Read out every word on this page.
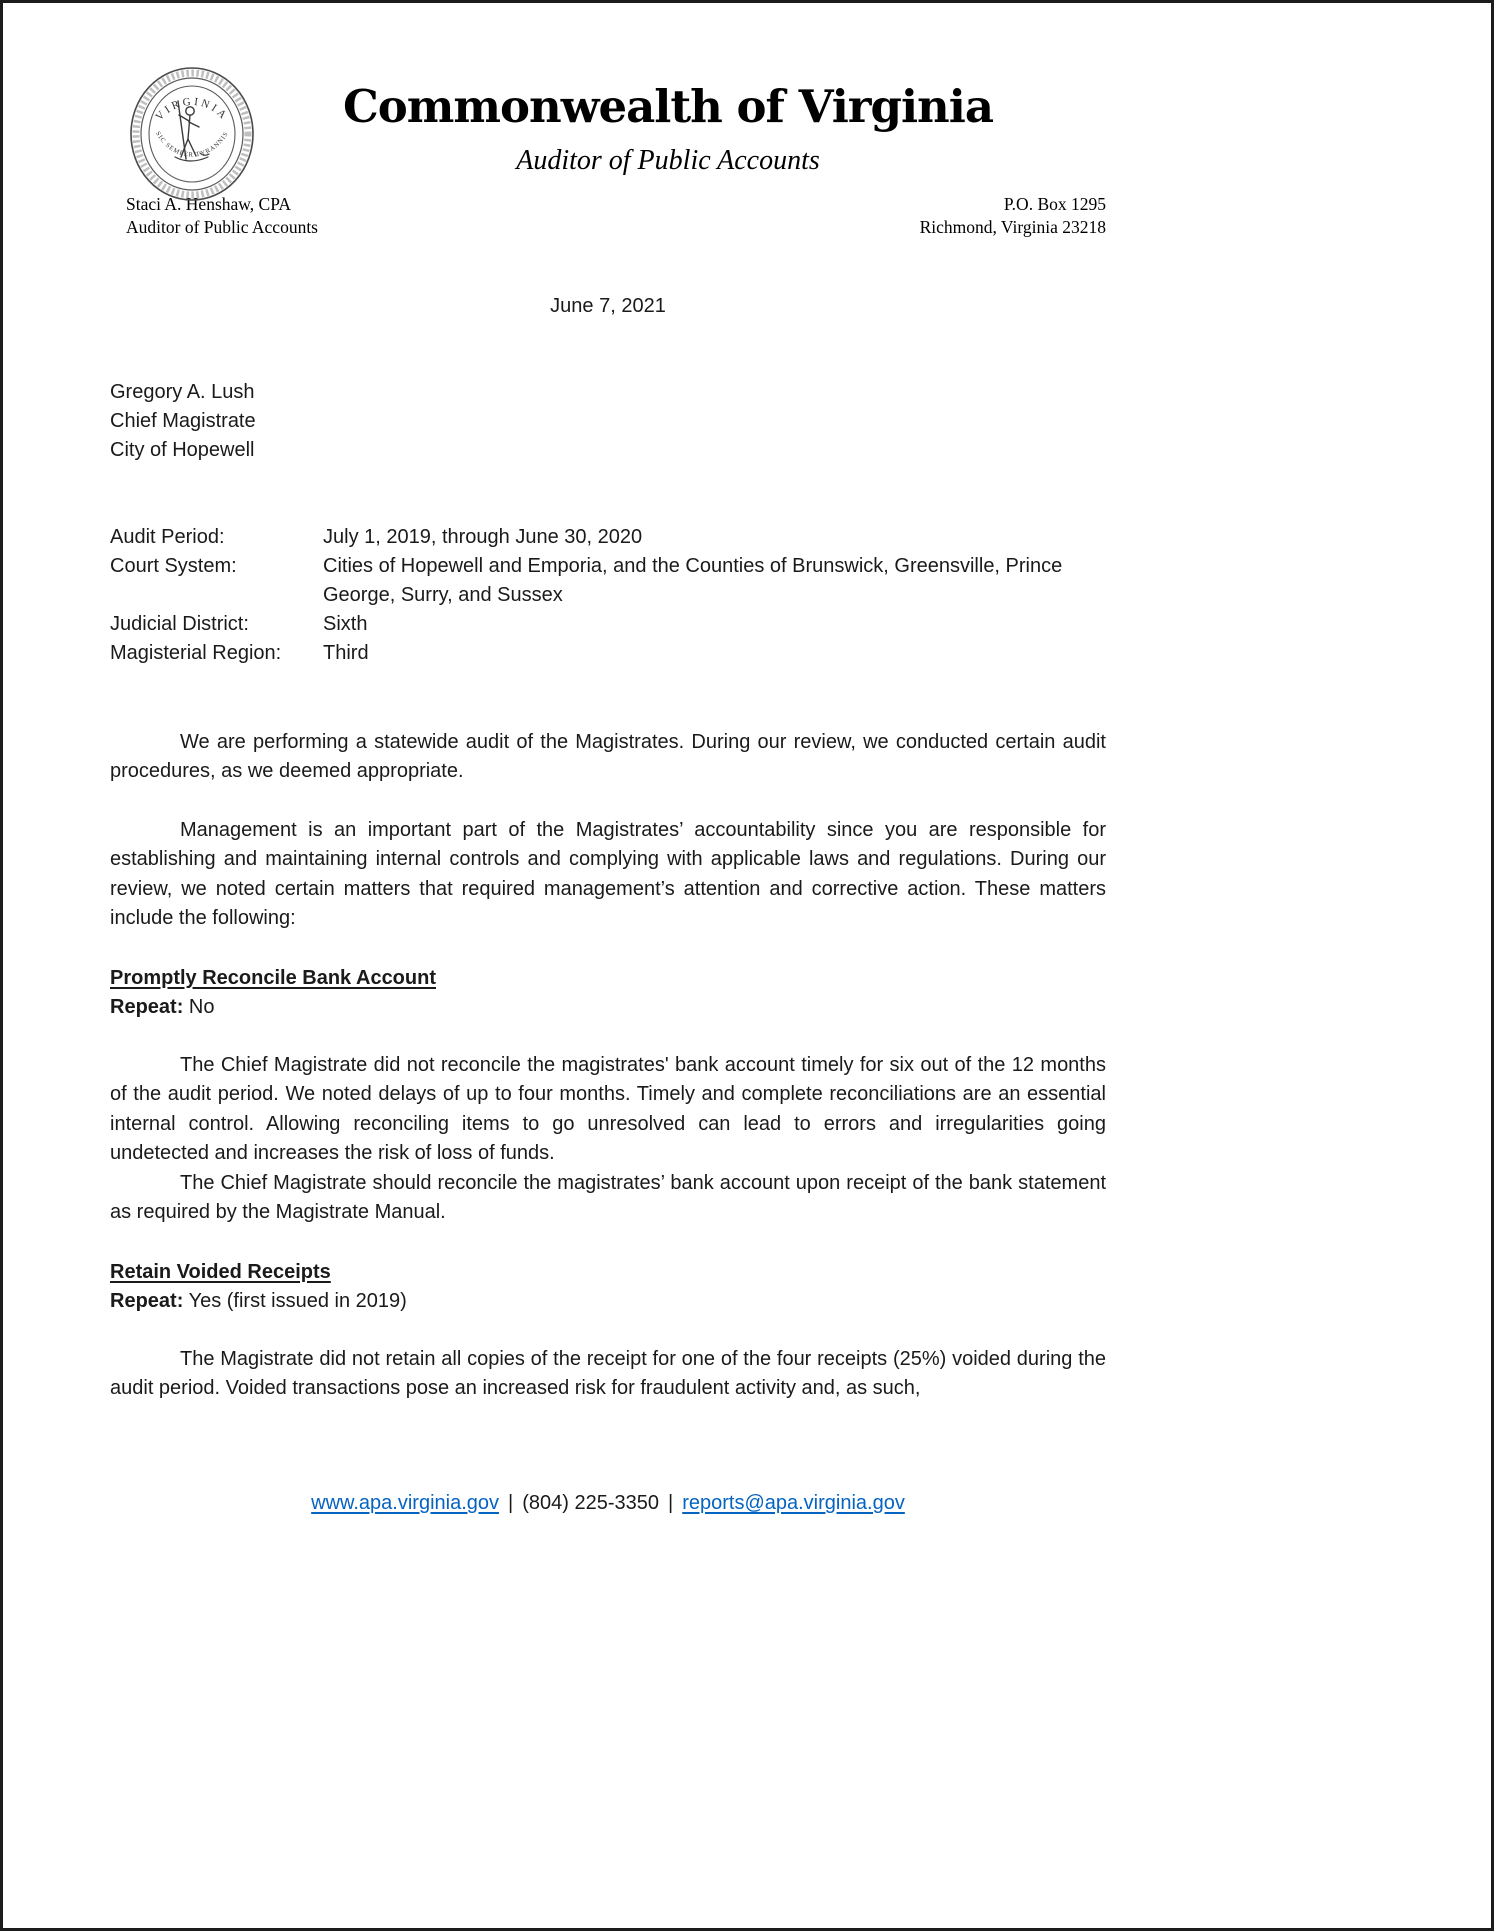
VIRGINIA
SIC SEMPER TYRANNIS
Commonwealth of Virginia
Auditor of Public Accounts
Staci A. Henshaw, CPA
Auditor of Public Accounts
P.O. Box 1295
Richmond, Virginia 23218
June 7, 2021
Gregory A. Lush
Chief Magistrate
City of Hopewell
Audit Period:	July 1, 2019, through June 30, 2020
Court System:	Cities of Hopewell and Emporia, and the Counties of Brunswick, Greensville, Prince George, Surry, and Sussex
Judicial District:	Sixth
Magisterial Region:	Third

We are performing a statewide audit of the Magistrates. During our review, we conducted certain audit procedures, as we deemed appropriate.

Management is an important part of the Magistrates’ accountability since you are responsible for establishing and maintaining internal controls and complying with applicable laws and regulations. During our review, we noted certain matters that required management’s attention and corrective action. These matters include the following:

Promptly Reconcile Bank Account
Repeat: No

The Chief Magistrate did not reconcile the magistrates' bank account timely for six out of the 12 months of the audit period. We noted delays of up to four months. Timely and complete reconciliations are an essential internal control. Allowing reconciling items to go unresolved can lead to errors and irregularities going undetected and increases the risk of loss of funds.

The Chief Magistrate should reconcile the magistrates’ bank account upon receipt of the bank statement as required by the Magistrate Manual.

Retain Voided Receipts
Repeat: Yes (first issued in 2019)

The Magistrate did not retain all copies of the receipt for one of the four receipts (25%) voided during the audit period. Voided transactions pose an increased risk for fraudulent activity and, as such,

www.apa.virginia.gov | (804) 225-3350 | reports@apa.virginia.gov
